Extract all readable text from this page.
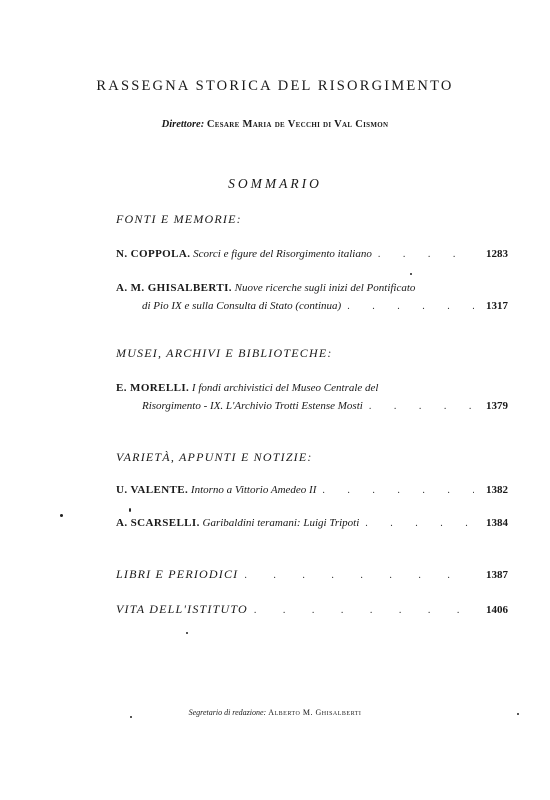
RASSEGNA STORICA DEL RISORGIMENTO
Direttore: Cesare Maria de Vecchi di Val Cismon
SOMMARIO
FONTI E MEMORIE:
N. COPPOLA.
Scorci e figure del Risorgimento italiano . . .	1283
A. M. GHISALBERTI.
Nuove ricerche sugli inizi del Pontificato
di Pio IX e sulla Consulta di Stato (continua) . . .	1317
MUSEI, ARCHIVI E BIBLIOTECHE:
E. MORELLI.
I fondi archivistici del Museo Centrale del
Risorgimento - IX. L'Archivio Trotti Estense Mosti . . .	1379
VARIETÀ, APPUNTI E NOTIZIE:
U. VALENTE.
Intorno a Vittorio Amedeo II . . .	1382
A. SCARSELLI.
Garibaldini teramani: Luigi Tripoti . . .	1384
LIBRI E PERIODICI . . .	1387
VITA DELL'ISTITUTO . . .	1406
Segretario di redazione: Alberto M. Ghisalberti
